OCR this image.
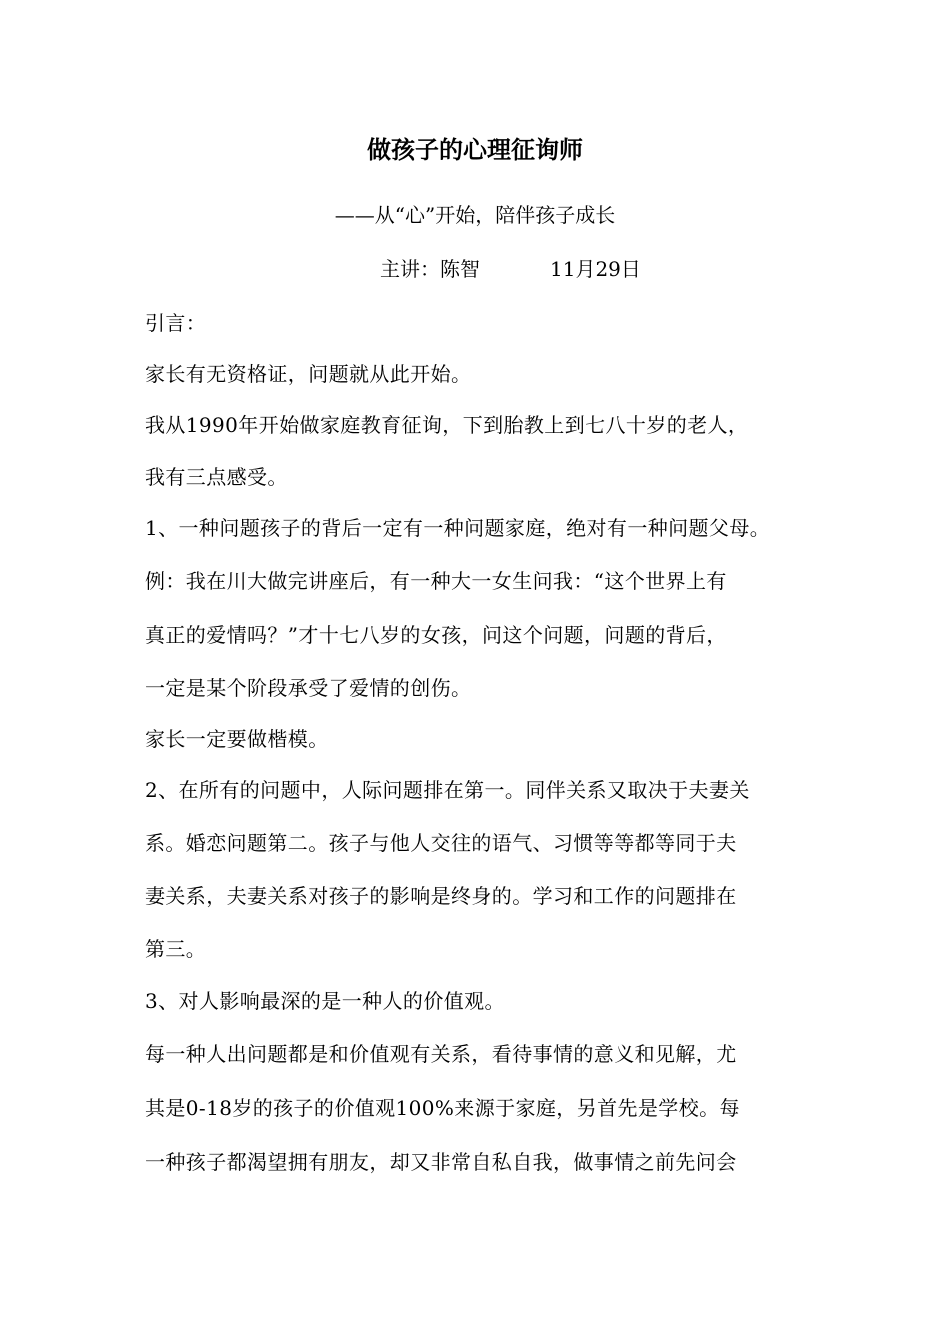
做孩子的心理征询师
——从“心”开始，陪伴孩子成长
主讲：陈智	11月29日
引言：
家长有无资格证，问题就从此开始。
我从1990年开始做家庭教育征询，下到胎教上到七八十岁的老人，
我有三点感受。
1、一种问题孩子的背后一定有一种问题家庭，绝对有一种问题父母。
例：我在川大做完讲座后，有一种大一女生问我：“这个世界上有
真正的爱情吗？”才十七八岁的女孩，问这个问题，问题的背后，
一定是某个阶段承受了爱情的创伤。
家长一定要做楷模。
2、在所有的问题中，人际问题排在第一。同伴关系又取决于夫妻关
系。婚恋问题第二。孩子与他人交往的语气、习惯等等都等同于夫
妻关系，夫妻关系对孩子的影响是终身的。学习和工作的问题排在
第三。
3、对人影响最深的是一种人的价值观。
每一种人出问题都是和价值观有关系，看待事情的意义和见解，尤
其是0-18岁的孩子的价值观100%来源于家庭，另首先是学校。每
一种孩子都渴望拥有朋友，却又非常自私自我，做事情之前先问会
